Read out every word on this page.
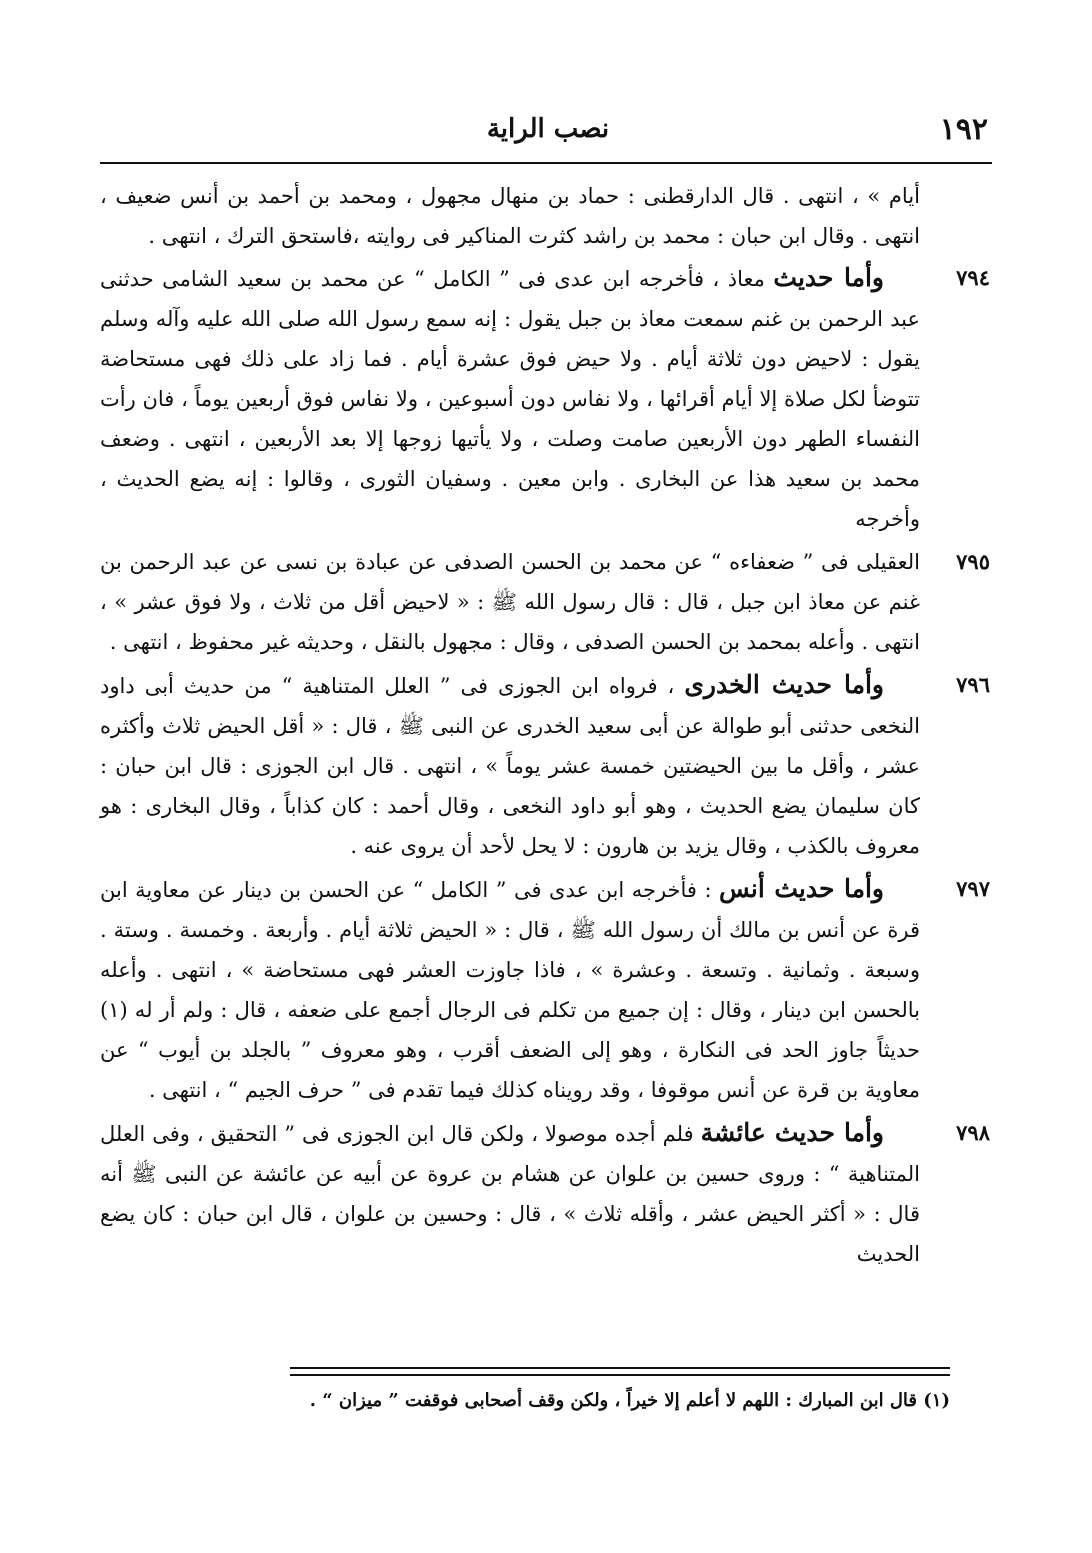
١٩٢
نصب الراية

أيام » ، انتهى . قال الدارقطنى : حماد بن منهال مجهول ، ومحمد بن أحمد بن أنس ضعيف ، انتهى . وقال ابن حبان : محمد بن راشد كثرت المناكير فى روايته ،فاستحق الترك ، انتهى .

٧٩٤
وأما حديث معاذ ، فأخرجه ابن عدى فى ” الكامل “ عن محمد بن سعيد الشامى حدثنى عبد الرحمن بن غنم سمعت معاذ بن جبل يقول : إنه سمع رسول الله صلى الله عليه وآله وسلم يقول : لاحيض دون ثلاثة أيام . ولا حيض فوق عشرة أيام . فما زاد على ذلك فهى مستحاضة تتوضأ لكل صلاة إلا أيام أقرائها ، ولا نفاس دون أسبوعين ، ولا نفاس فوق أربعين يوماً ، فان رأت النفساء الطهر دون الأربعين صامت وصلت ، ولا يأتيها زوجها إلا بعد الأربعين ، انتهى . وضعف محمد بن سعيد هذا عن البخارى . وابن معين . وسفيان الثورى ، وقالوا : إنه يضع الحديث ، وأخرجه

٧٩٥
العقيلى فى ” ضعفاءه “ عن محمد بن الحسن الصدفى عن عبادة بن نسى عن عبد الرحمن بن غنم عن معاذ ابن جبل ، قال : قال رسول الله ﷺ : « لاحيض أقل من ثلاث ، ولا فوق عشر » ، انتهى . وأعله بمحمد بن الحسن الصدفى ، وقال : مجهول بالنقل ، وحديثه غير محفوظ ، انتهى .

٧٩٦
وأما حديث الخدرى ، فرواه ابن الجوزى فى ” العلل المتناهية “ من حديث أبى داود النخعى حدثنى أبو طوالة عن أبى سعيد الخدرى عن النبى ﷺ ، قال : « أقل الحيض ثلاث وأكثره عشر ، وأقل ما بين الحيضتين خمسة عشر يوماً » ، انتهى . قال ابن الجوزى : قال ابن حبان : كان سليمان يضع الحديث ، وهو أبو داود النخعى ، وقال أحمد : كان كذاباً ، وقال البخارى : هو معروف بالكذب ، وقال يزيد بن هارون : لا يحل لأحد أن يروى عنه .

٧٩٧
وأما حديث أنس : فأخرجه ابن عدى فى ” الكامل “ عن الحسن بن دينار عن معاوية ابن قرة عن أنس بن مالك أن رسول الله ﷺ ، قال : « الحيض ثلاثة أيام . وأربعة . وخمسة . وستة . وسبعة . وثمانية . وتسعة . وعشرة » ، فاذا جاوزت العشر فهى مستحاضة » ، انتهى . وأعله بالحسن ابن دينار ، وقال : إن جميع من تكلم فى الرجال أجمع على ضعفه ، قال : ولم أر له (١) حديثاً جاوز الحد فى النكارة ، وهو إلى الضعف أقرب ، وهو معروف ” بالجلد بن أيوب “ عن معاوية بن قرة عن أنس موقوفا ، وقد رويناه كذلك فيما تقدم فى ” حرف الجيم “ ، انتهى .

٧٩٨
وأما حديث عائشة فلم أجده موصولا ، ولكن قال ابن الجوزى فى ” التحقيق ، وفى العلل المتناهية “ : وروى حسين بن علوان عن هشام بن عروة عن أبيه عن عائشة عن النبى ﷺ أنه قال : « أكثر الحيض عشر ، وأقله ثلاث » ، قال : وحسين بن علوان ، قال ابن حبان : كان يضع الحديث

(١) قال ابن المبارك : اللهم لا أعلم إلا خيراً ، ولكن وقف أصحابى فوقفت ” ميزان “ .
